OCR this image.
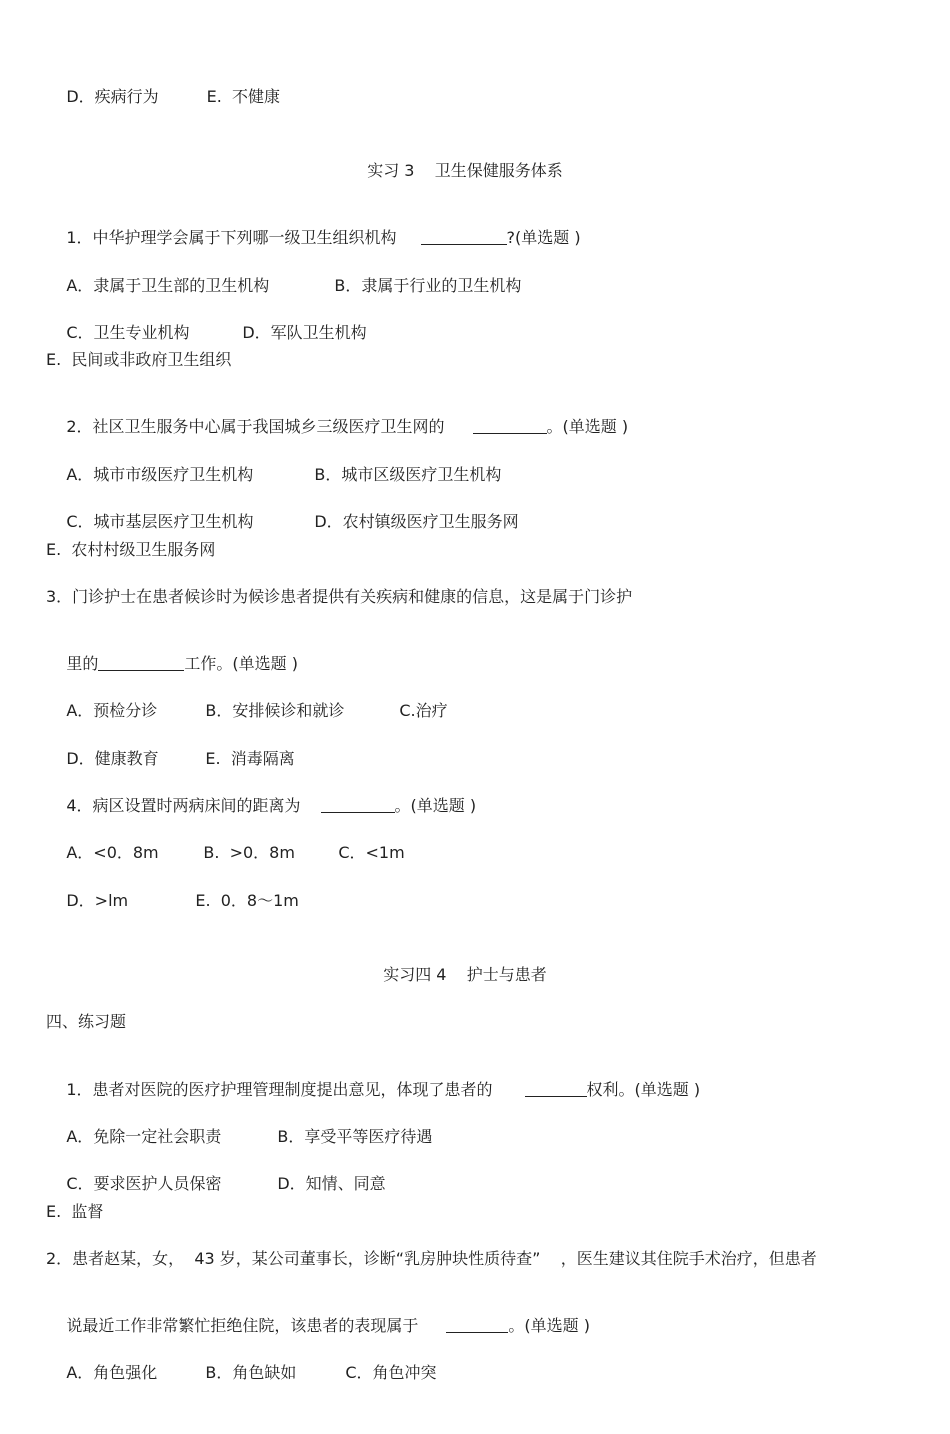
D．疾病行为	E.  不健康

实习 3    卫生保健服务体系

1．中华护理学会属于下列哪一级卫生组织机构	?(单选题 )

A．隶属于卫生部的卫生机构	B．隶属于行业的卫生机构

C．卫生专业机构	D．军队卫生机构

E.  民间或非政府卫生组织

2．社区卫生服务中心属于我国城乡三级医疗卫生网的	。(单选题 )

A．城市市级医疗卫生机构	B．城市区级医疗卫生机构

C．城市基层医疗卫生机构	D．农村镇级医疗卫生服务网

E.  农村村级卫生服务网
3．门诊护士在患者候诊时为候诊患者提供有关疾病和健康的信息，这是属于门诊护

里的	工作。(单选题 )

A．预检分诊	B．安排候诊和就诊	C.治疗

D．健康教育	E.  消毒隔离

4．病区设置时两病床间的距离为	。(单选题 )

A．<0．8m	B.  >0．8m	C．<1m

D．>lm	E.  0．8～1m

实习四 4    护士与患者
四、练习题

1．患者对医院的医疗护理管理制度提出意见，体现了患者的	权利。(单选题 )

A．免除一定社会职责	B．享受平等医疗待遇

C．要求医护人员保密	D．知情、同意

E.  监督
2．患者赵某，女，  43 岁，某公司董事长，诊断“乳房肿块性质待查”    ，医生建议其住院手术治疗，但患者

说最近工作非常繁忙拒绝住院，该患者的表现属于	。(单选题 )

A．角色强化	B．角色缺如	C．角色冲突
